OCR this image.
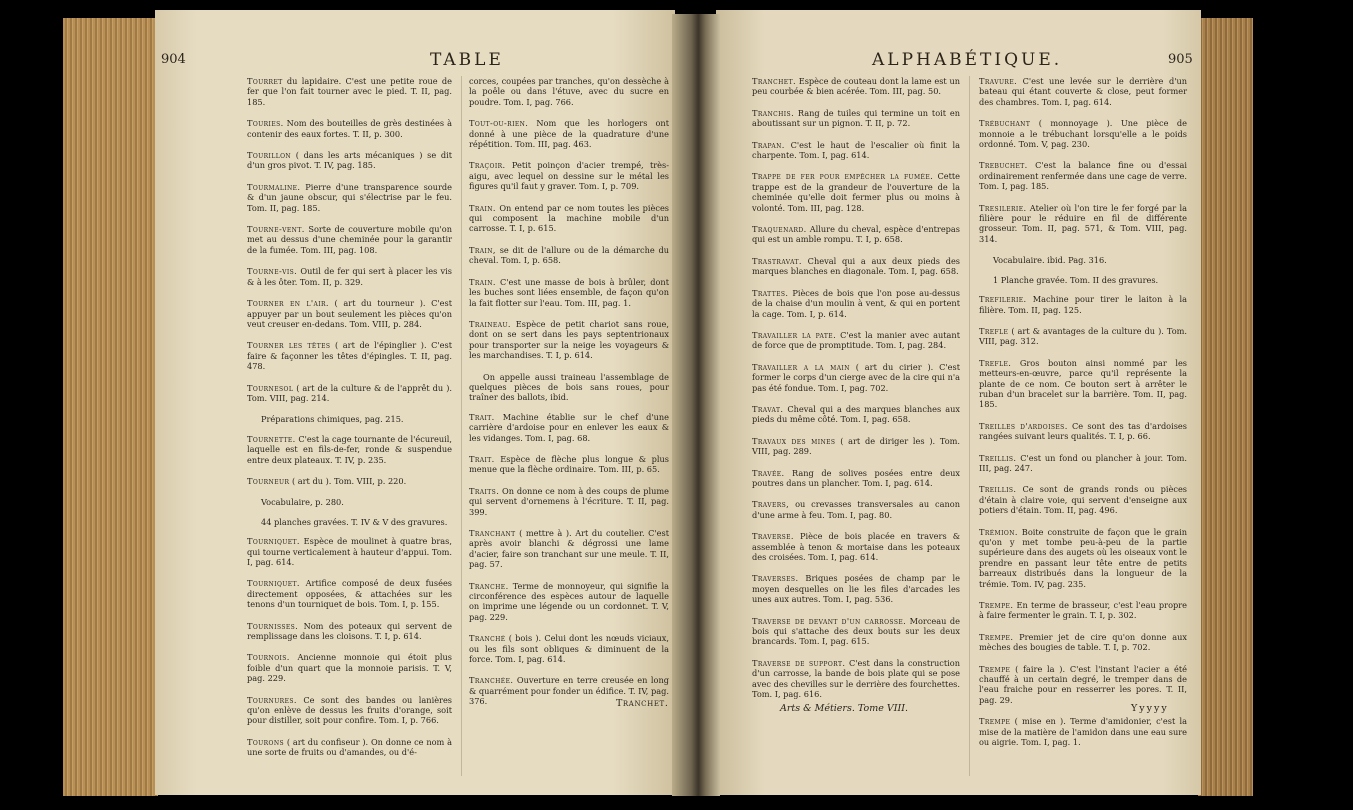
904	TABLE
Tourret du lapidaire. C'est une petite roue de fer que l'on fait tourner avec le pied. T. II, pag. 185.
Touries. Nom des bouteilles de grès destinées à contenir des eaux fortes. T. II, p. 300.
Tourillon ( dans les arts mécaniques ) se dit d'un gros pivot. T. IV, pag. 185.
Tourmaline. Pierre d'une transparence sourde & d'un jaune obscur, qui s'électrise par le feu. Tom. II, pag. 185.
Tourne-vent. Sorte de couverture mobile qu'on met au dessus d'une cheminée pour la garantir de la fumée. Tom. III, pag. 108.
Tourne-vis. Outil de fer qui sert à placer les vis & à les ôter. Tom. II, p. 329.
Tourner en l'air. ( art du tourneur ). C'est appuyer par un bout seulement les pièces qu'on veut creuser en-dedans. Tom. VIII, p. 284.
Tourner les têtes ( art de l'épinglier ). C'est faire & façonner les têtes d'épingles. T. II, pag. 478.
Tournesol ( art de la culture & de l'apprêt du ). Tom. VIII, pag. 214.
Préparations chimiques, pag. 215.
Tournette. C'est la cage tournante de l'écureuil, laquelle est en fils-de-fer, ronde & suspendue entre deux plateaux. T. IV, p. 235.
Tourneur ( art du ). Tom. VIII, p. 220.
Vocabulaire, p. 280.
44 planches gravées. T. IV & V des gravures.
Tourniquet. Espèce de moulinet à quatre bras, qui tourne verticalement à hauteur d'appui. Tom. I, pag. 614.
Tourniquet. Artifice composé de deux fusées directement opposées, & attachées sur les tenons d'un tourniquet de bois. Tom. I, p. 155.
Tournisses. Nom des poteaux qui servent de remplissage dans les cloisons. T. I, p. 614.
Tournois. Ancienne monnoie qui étoit plus foible d'un quart que la monnoie parisis. T. V, pag. 229.
Tournures. Ce sont des bandes ou lanières qu'on enlève de dessus les fruits d'orange, soit pour distiller, soit pour confire. Tom. I, p. 766.
Tourons ( art du confiseur ). On donne ce nom à une sorte de fruits ou d'amandes, ou d'é-
corces, coupées par tranches, qu'on dessèche à la poêle ou dans l'étuve, avec du sucre en poudre. Tom. I, pag. 766.
Tout-ou-rien. Nom que les horlogers ont donné à une pièce de la quadrature d'une répétition. Tom. III, pag. 463.
Traçoir. Petit poinçon d'acier trempé, très-aigu, avec lequel on dessine sur le métal les figures qu'il faut y graver. Tom. I, p. 709.
Train. On entend par ce nom toutes les pièces qui composent la machine mobile d'un carrosse. T. I, p. 615.
Train, se dit de l'allure ou de la démarche du cheval. Tom. I, p. 658.
Train. C'est une masse de bois à brûler, dont les buches sont liées ensemble, de façon qu'on la fait flotter sur l'eau. Tom. III, pag. 1.
Traineau. Espèce de petit chariot sans roue, dont on se sert dans les pays septentrionaux pour transporter sur la neige les voyageurs & les marchandises. T. I, p. 614.
On appelle aussi traineau l'assemblage de quelques pièces de bois sans roues, pour traîner des ballots, ibid.
Trait. Machine établie sur le chef d'une carrière d'ardoise pour en enlever les eaux & les vidanges. Tom. I, pag. 68.
Trait. Espèce de flèche plus longue & plus menue que la flèche ordinaire. Tom. III, p. 65.
Traits. On donne ce nom à des coups de plume qui servent d'ornemens à l'écriture. T. II, pag. 399.
Tranchant ( mettre à ). Art du coutelier. C'est après avoir blanchi & dégrossi une lame d'acier, faire son tranchant sur une meule. T. II, pag. 57.
Tranche. Terme de monnoyeur, qui signifie la circonférence des espèces autour de laquelle on imprime une légende ou un cordonnet. T. V, pag. 229.
Tranché ( bois ). Celui dont les nœuds viciaux, ou les fils sont obliques & diminuent de la force. Tom. I, pag. 614.
Tranchée. Ouverture en terre creusée en long & quarrément pour fonder un édifice. T. IV, pag. 376.	Tranchet.
ALPHABÉTIQUE.	905
Tranchet. Espèce de couteau dont la lame est un peu courbée & bien acérée. Tom. III, pag. 50.
Tranchis. Rang de tuiles qui termine un toit en aboutissant sur un pignon. T. II, p. 72.
Trapan. C'est le haut de l'escalier où finit la charpente. Tom. I, pag. 614.
Trappe de fer pour empêcher la fumée. Cette trappe est de la grandeur de l'ouverture de la cheminée qu'elle doit fermer plus ou moins à volonté. Tom. III, pag. 128.
Traquenard. Allure du cheval, espèce d'entrepas qui est un amble rompu. T. I, p. 658.
Trastravat. Cheval qui a aux deux pieds des marques blanches en diagonale. Tom. I, pag. 658.
Trattes. Pièces de bois que l'on pose au-dessus de la chaise d'un moulin à vent, & qui en portent la cage. Tom. I, p. 614.
Travailler la pate. C'est la manier avec autant de force que de promptitude. Tom. I, pag. 284.
Travailler a la main ( art du cirier ). C'est former le corps d'un cierge avec de la cire qui n'a pas été fondue. Tom. I, pag. 702.
Travat. Cheval qui a des marques blanches aux pieds du même côté. Tom. I, pag. 658.
Travaux des mines ( art de diriger les ). Tom. VIII, pag. 289.
Travée. Rang de solives posées entre deux poutres dans un plancher. Tom. I, pag. 614.
Travers, ou crevasses transversales au canon d'une arme à feu. Tom. I, pag. 80.
Traverse. Pièce de bois placée en travers & assemblée à tenon & mortaise dans les poteaux des croisées. Tom. I, pag. 614.
Traverses. Briques posées de champ par le moyen desquelles on lie les files d'arcades les unes aux autres. Tom. I, pag. 536.
Traverse de devant d'un carrosse. Morceau de bois qui s'attache des deux bouts sur les deux brancards. Tom. I, pag. 615.
Traverse de support. C'est dans la construction d'un carrosse, la bande de bois plate qui se pose avec des chevilles sur le derrière des fourchettes. Tom. I, pag. 616.
Travure. C'est une levée sur le derrière d'un bateau qui étant couverte & close, peut former des chambres. Tom. I, pag. 614.
Trébuchant ( monnoyage ). Une pièce de monnoie a le trébuchant lorsqu'elle a le poids ordonné. Tom. V, pag. 230.
Trebuchet. C'est la balance fine ou d'essai ordinairement renfermée dans une cage de verre. Tom. I, pag. 185.
Tresilerie. Atelier où l'on tire le fer forgé par la filière pour le réduire en fil de différente grosseur. Tom. II, pag. 571, & Tom. VIII, pag. 314.
Vocabulaire. ibid. Pag. 316.
1 Planche gravée. Tom. II des gravures.
Trefilerie. Machine pour tirer le laiton à la filière. Tom. II, pag. 125.
Trefle ( art & avantages de la culture du ). Tom. VIII, pag. 312.
Trefle. Gros bouton ainsi nommé par les metteurs-en-œuvre, parce qu'il représente la plante de ce nom. Ce bouton sert à arrêter le ruban d'un bracelet sur la barrière. Tom. II, pag. 185.
Treilles d'ardoises. Ce sont des tas d'ardoises rangées suivant leurs qualités. T. I, p. 66.
Treillis. C'est un fond ou plancher à jour. Tom. III, pag. 247.
Treillis. Ce sont de grands ronds ou pièces d'étain à claire voie, qui servent d'enseigne aux potiers d'étain. Tom. II, pag. 496.
Trémion. Boite construite de façon que le grain qu'on y met tombe peu-à-peu de la partie supérieure dans des augets où les oiseaux vont le prendre en passant leur tête entre de petits barreaux distribués dans la longueur de la trémie. Tom. IV, pag. 235.
Trempe. En terme de brasseur, c'est l'eau propre à faire fermenter le grain. T. I, p. 302.
Trempe. Premier jet de cire qu'on donne aux mèches des bougies de table. T. I, p. 702.
Trempe ( faire la ). C'est l'instant l'acier a été chauffé à un certain degré, le tremper dans de l'eau fraiche pour en resserrer les pores. T. II, pag. 29.
Trempe ( mise en ). Terme d'amidonier, c'est la mise de la matière de l'amidon dans une eau sure ou aigrie. Tom. I, pag. 1.
Arts & Métiers. Tome VIII.	Yyyyy
